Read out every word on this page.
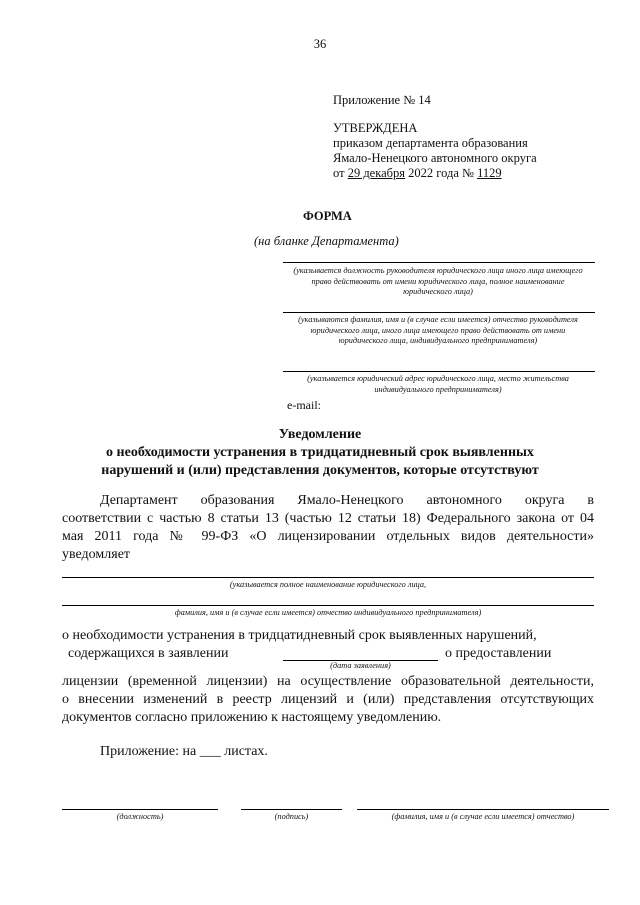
36
Приложение № 14
УТВЕРЖДЕНА
приказом департамента образования
Ямало-Ненецкого автономного округа
от 29 декабря 2022 года № 1129
ФОРМА
(на бланке Департамента)
(указывается должность руководителя юридического лица иного лица имеющего право действовать от имени юридического лица, полное наименование юридического лица)
(указываются фамилия, имя и (в случае если имеется) отчество руководителя юридического лица, иного лица имеющего право действовать от имени юридического лица, индивидуального предпринимателя)
(указывается юридический адрес юридического лица, место жительства индивидуального предпринимателя)
e-mail:
Уведомление
о необходимости устранения в тридцатидневный срок выявленных
нарушений и (или) представления документов, которые отсутствуют
Департамент образования Ямало-Ненецкого автономного округа в
соответствии с частью 8 статьи 13 (частью 12 статьи 18) Федерального закона от 04
мая 2011 года № 99-ФЗ «О лицензировании отдельных видов деятельности»
уведомляет
(указывается полное наименование юридического лица,
фамилия, имя и (в случае если имеется) отчество индивидуального предпринимателя)
о необходимости устранения в тридцатидневный срок выявленных нарушений,
содержащихся в заявлении	о предоставлении
(дата заявления)
лицензии (временной лицензии) на осуществление образовательной деятельности,
о внесении изменений в реестр лицензий и (или) представления отсутствующих
документов согласно приложению к настоящему уведомлению.
Приложение: на ___ листах.
(должность)	(подпись)	(фамилия, имя и (в случае если имеется) отчество)
